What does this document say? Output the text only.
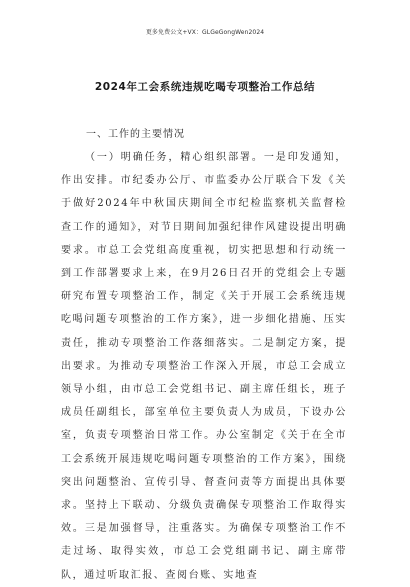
更多免费公文+VX：GLGeGongWen2024
2024年工会系统违规吃喝专项整治工作总结
一、工作的主要情况
（一）明确任务，精心组织部署。一是印发通知，作出安排。市纪委办公厅、市监委办公厅联合下发《关于做好2024年中秋国庆期间全市纪检监察机关监督检查工作的通知》，对节日期间加强纪律作风建设提出明确要求。市总工会党组高度重视，切实把思想和行动统一到工作部署要求上来，在9月26日召开的党组会上专题研究布置专项整治工作，制定《关于开展工会系统违规吃喝问题专项整治的工作方案》，进一步细化措施、压实责任，推动专项整治工作落细落实。二是制定方案，提出要求。为推动专项整治工作深入开展，市总工会成立领导小组，由市总工会党组书记、副主席任组长，班子成员任副组长，部室单位主要负责人为成员，下设办公室，负责专项整治日常工作。办公室制定《关于在全市工会系统开展违规吃喝问题专项整治的工作方案》，围绕突出问题整治、宣传引导、督查问责等方面提出具体要求。坚持上下联动、分级负责确保专项整治工作取得实效。三是加强督导，注重落实。为确保专项整治工作不走过场、取得实效，市总工会党组副书记、副主席带队，通过听取汇报、查阅台账、实地查
